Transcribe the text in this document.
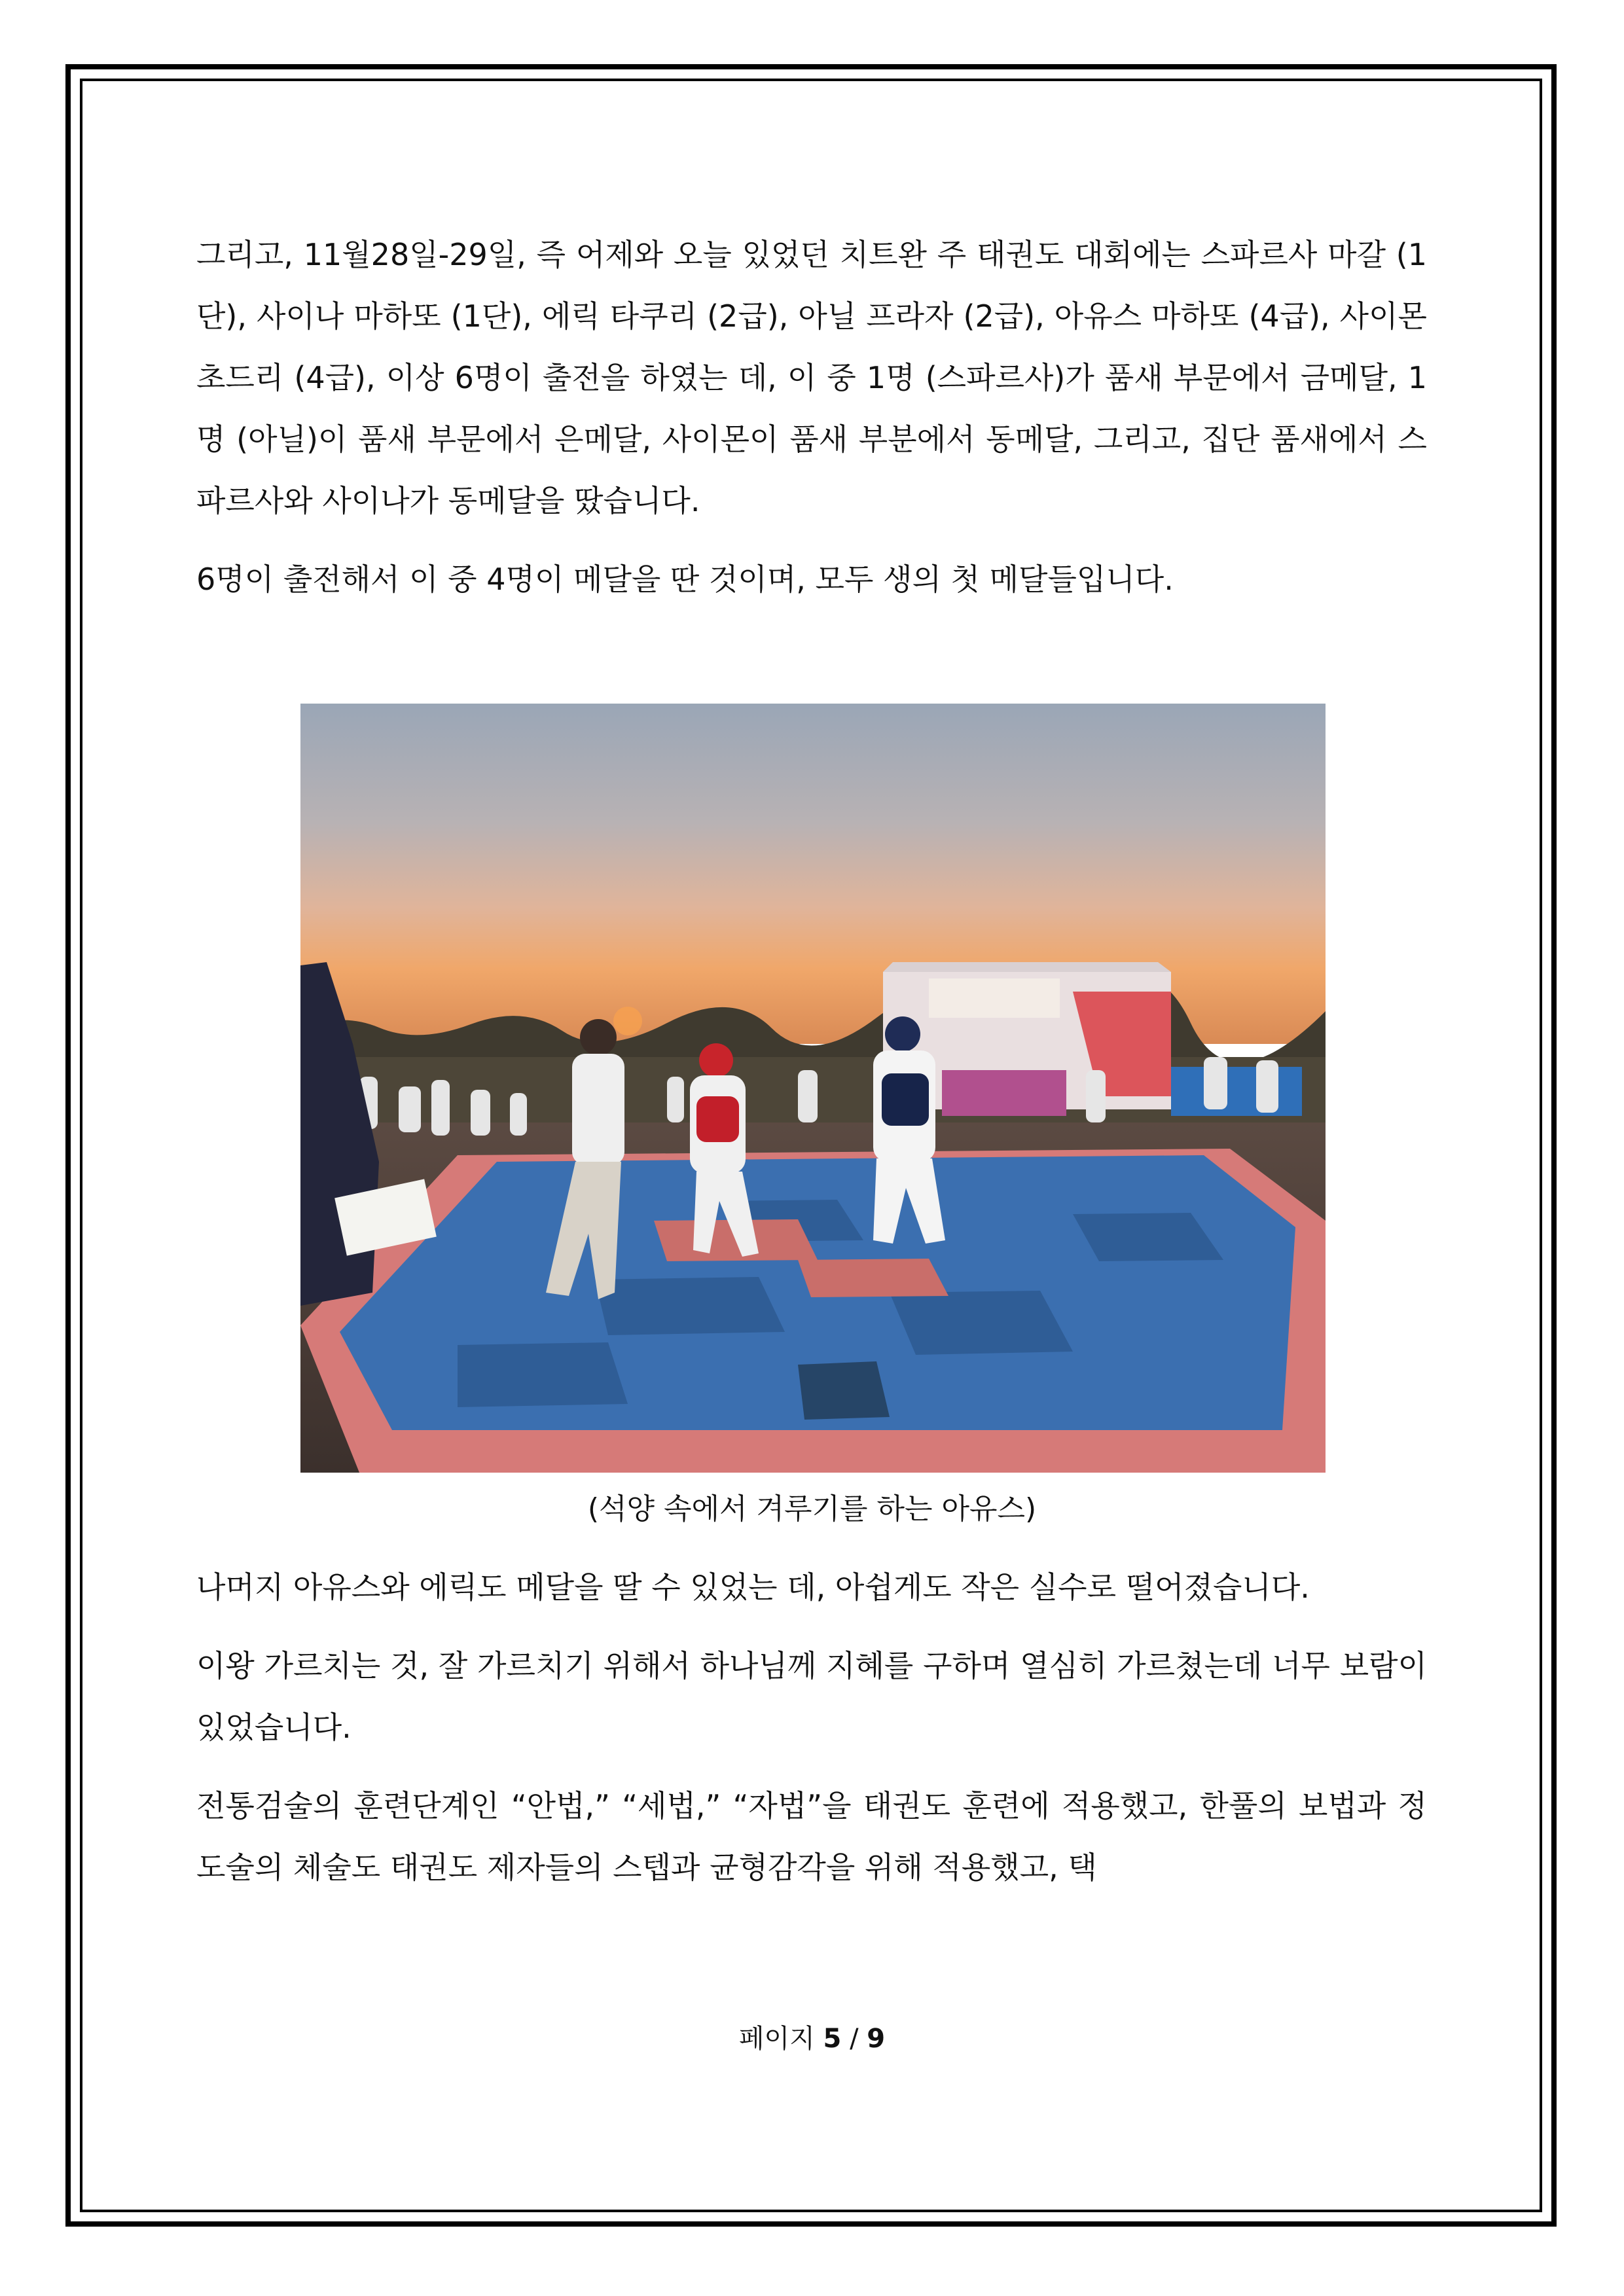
그리고, 11월28일-29일, 즉 어제와 오늘 있었던 치트완 주 태권도 대회에는 스파르사 마갈 (1단), 사이나 마하또 (1단), 에릭 타쿠리 (2급), 아닐 프라자 (2급), 아유스 마하또 (4급), 사이몬 초드리 (4급), 이상 6명이 출전을 하였는 데, 이 중 1명 (스파르사)가 품새 부문에서 금메달, 1명 (아닐)이 품새 부문에서 은메달, 사이몬이 품새 부분에서 동메달, 그리고, 집단 품새에서 스파르사와 사이나가 동메달을 땄습니다.

6명이 출전해서 이 중 4명이 메달을 딴 것이며, 모두 생의 첫 메달들입니다.

(석양 속에서 겨루기를 하는 아유스)

나머지 아유스와 에릭도 메달을 딸 수 있었는 데, 아쉽게도 작은 실수로 떨어졌습니다.

이왕 가르치는 것, 잘 가르치기 위해서 하나님께 지혜를 구하며 열심히 가르쳤는데 너무 보람이 있었습니다.

전통검술의 훈련단계인 “안법,” “세법,” “자법”을 태권도 훈련에 적용했고, 한풀의 보법과 정도술의 체술도 태권도 제자들의 스텝과 균형감각을 위해 적용했고, 택

페이지 5 / 9
